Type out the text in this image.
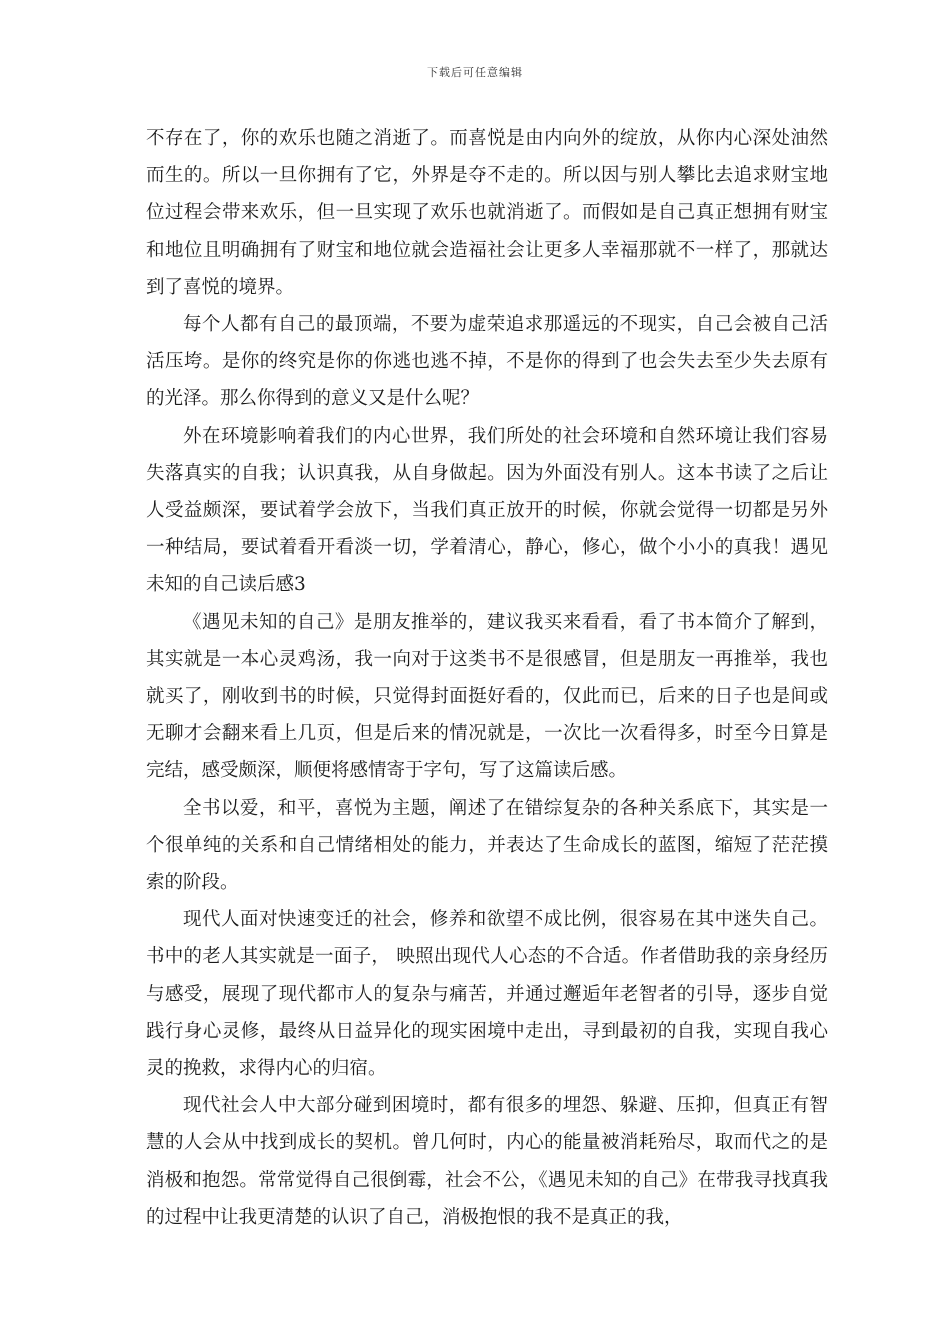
下载后可任意编辑

不存在了，你的欢乐也随之消逝了。而喜悦是由内向外的绽放，从你内心深处油然而生的。所以一旦你拥有了它，外界是夺不走的。所以因与别人攀比去追求财宝地位过程会带来欢乐，但一旦实现了欢乐也就消逝了。而假如是自己真正想拥有财宝和地位且明确拥有了财宝和地位就会造福社会让更多人幸福那就不一样了，那就达到了喜悦的境界。

每个人都有自己的最顶端，不要为虚荣追求那遥远的不现实，自己会被自己活活压垮。是你的终究是你的你逃也逃不掉，不是你的得到了也会失去至少失去原有的光泽。那么你得到的意义又是什么呢？

外在环境影响着我们的内心世界，我们所处的社会环境和自然环境让我们容易失落真实的自我；认识真我，从自身做起。因为外面没有别人。这本书读了之后让人受益颇深，要试着学会放下，当我们真正放开的时候，你就会觉得一切都是另外一种结局，要试着看开看淡一切，学着清心，静心，修心，做个小小的真我！遇见未知的自己读后感3

《遇见未知的自己》是朋友推举的，建议我买来看看，看了书本简介了解到，其实就是一本心灵鸡汤，我一向对于这类书不是很感冒，但是朋友一再推举，我也就买了，刚收到书的时候，只觉得封面挺好看的，仅此而已，后来的日子也是间或无聊才会翻来看上几页，但是后来的情况就是，一次比一次看得多，时至今日算是完结，感受颇深，顺便将感情寄于字句，写了这篇读后感。

全书以爱，和平，喜悦为主题，阐述了在错综复杂的各种关系底下，其实是一个很单纯的关系和自己情绪相处的能力，并表达了生命成长的蓝图，缩短了茫茫摸索的阶段。

现代人面对快速变迁的社会，修养和欲望不成比例，很容易在其中迷失自己。 书中的老人其实就是一面子， 映照出现代人心态的不合适。作者借助我的亲身经历与感受，展现了现代都市人的复杂与痛苦，并通过邂逅年老智者的引导，逐步自觉践行身心灵修，最终从日益异化的现实困境中走出，寻到最初的自我，实现自我心灵的挽救，求得内心的归宿。

现代社会人中大部分碰到困境时，都有很多的埋怨、躲避、压抑，但真正有智慧的人会从中找到成长的契机。曾几何时，内心的能量被消耗殆尽，取而代之的是消极和抱怨。常常觉得自己很倒霉，社会不公，《遇见未知的自己》在带我寻找真我的过程中让我更清楚的认识了自己，消极抱恨的我不是真正的我，
